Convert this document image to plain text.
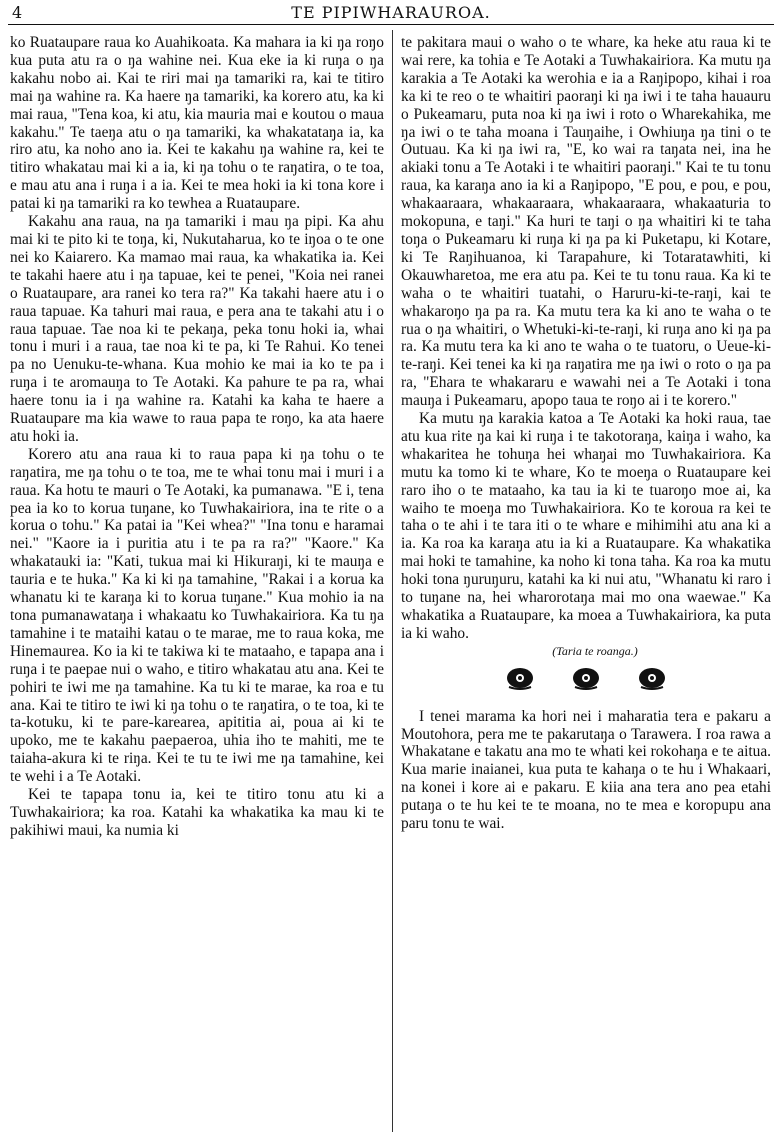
4	TE PIPIWHARAUROA.

ko Ruataupare raua ko Auahikoata. Ka mahara ia ki ŋa roŋo kua puta atu ra o ŋa wahine nei. Kua eke ia ki ruŋa o ŋa kakahu nobo ai. Kai te riri mai ŋa tamariki ra, kai te titiro mai ŋa wahine ra. Ka haere ŋa tamariki, ka korero atu, ka ki mai raua, "Tena koa, ki atu, kia mauria mai e koutou o maua kakahu." Te taeŋa atu o ŋa tamariki, ka whakatataŋa ia, ka riro atu, ka noho ano ia. Kei te kakahu ŋa wahine ra, kei te titiro whakatau mai ki a ia, ki ŋa tohu o te raŋatira, o te toa, e mau atu ana i ruŋa i a ia. Kei te mea hoki ia ki tona kore i patai ki ŋa tamariki ra ko tewhea a Ruataupare.

Kakahu ana raua, na ŋa tamariki i mau ŋa pipi. Ka ahu mai ki te pito ki te toŋa, ki, Nukutaharua, ko te iŋoa o te one nei ko Kaiarero. Ka mamao mai raua, ka whakatika ia. Kei te takahi haere atu i ŋa tapuae, kei te penei, "Koia nei ranei o Ruataupare, ara ranei ko tera ra?" Ka takahi haere atu i o raua tapuae. Ka tahuri mai raua, e pera ana te takahi atu i o raua tapuae. Tae noa ki te pekaŋa, peka tonu hoki ia, whai tonu i muri i a raua, tae noa ki te pa, ki Te Rahui. Ko tenei pa no Uenuku-te-whana. Kua mohio ke mai ia ko te pa i ruŋa i te aromauŋa to Te Aotaki. Ka pahure te pa ra, whai haere tonu ia i ŋa wahine ra. Katahi ka kaha te haere a Ruataupare ma kia wawe to raua papa te roŋo, ka ata haere atu hoki ia.

Korero atu ana raua ki to raua papa ki ŋa tohu o te raŋatira, me ŋa tohu o te toa, me te whai tonu mai i muri i a raua. Ka hotu te mauri o Te Aotaki, ka pumanawa. "E i, tena pea ia ko to korua tuŋane, ko Tuwhakairiora, ina te rite o a korua o tohu." Ka patai ia "Kei whea?" "Ina tonu e haramai nei." "Kaore ia i puritia atu i te pa ra ra?" "Kaore." Ka whakatauki ia: "Kati, tukua mai ki Hikuraŋi, ki te mauŋa e tauria e te huka." Ka ki ki ŋa tamahine, "Rakai i a korua ka whanatu ki te karaŋa ki to korua tuŋane." Kua mohio ia na tona pumanawataŋa i whakaatu ko Tuwhakairiora. Ka tu ŋa tamahine i te mataihi katau o te marae, me to raua koka, me Hinemaurea. Ko ia ki te takiwa ki te mataaho, e tapapa ana i ruŋa i te paepae nui o waho, e titiro whakatau atu ana. Kei te pohiri te iwi me ŋa tamahine. Ka tu ki te marae, ka roa e tu ana. Kai te titiro te iwi ki ŋa tohu o te raŋatira, o te toa, ki te ta-kotuku, ki te pare-karearea, apititia ai, poua ai ki te upoko, me te kakahu paepaeroa, uhia iho te mahiti, me te taiaha-akura ki te riŋa. Kei te tu te iwi me ŋa tamahine, kei te wehi i a Te Aotaki.

Kei te tapapa tonu ia, kei te titiro tonu atu ki a Tuwhakairiora; ka roa. Katahi ka whakatika ka mau ki te pakihiwi maui, ka numia ki

te pakitara maui o waho o te whare, ka heke atu raua ki te wai rere, ka tohia e Te Aotaki a Tuwhakairiora. Ka mutu ŋa karakia a Te Aotaki ka werohia e ia a Raŋipopo, kihai i roa ka ki te reo o te whaitiri paoraŋi ki ŋa iwi i te taha hauauru o Pukeamaru, puta noa ki ŋa iwi i roto o Wharekahika, me ŋa iwi o te taha moana i Tauŋaihe, i Owhiuŋa ŋa tini o te Outuau. Ka ki ŋa iwi ra, "E, ko wai ra taŋata nei, ina he akiaki tonu a Te Aotaki i te whaitiri paoraŋi." Kai te tu tonu raua, ka karaŋa ano ia ki a Raŋipopo, "E pou, e pou, e pou, whakaaraara, whakaaraara, whakaaraara, whakaaturia to mokopuna, e taŋi." Ka huri te taŋi o ŋa whaitiri ki te taha toŋa o Pukeamaru ki ruŋa ki ŋa pa ki Puketapu, ki Kotare, ki Te Raŋihuanoa, ki Tarapahure, ki Totaratawhiti, ki Okauwharetoa, me era atu pa. Kei te tu tonu raua. Ka ki te waha o te whaitiri tuatahi, o Haruru-ki-te-raŋi, kai te whakaroŋo ŋa pa ra. Ka mutu tera ka ki ano te waha o te rua o ŋa whaitiri, o Whetuki-ki-te-raŋi, ki ruŋa ano ki ŋa pa ra. Ka mutu tera ka ki ano te waha o te tuatoru, o Ueue-ki-te-raŋi. Kei tenei ka ki ŋa raŋatira me ŋa iwi o roto o ŋa pa ra, "Ehara te whakararu e wawahi nei a Te Aotaki i tona mauŋa i Pukeamaru, apopo taua te roŋo ai i te korero."

Ka mutu ŋa karakia katoa a Te Aotaki ka hoki raua, tae atu kua rite ŋa kai ki ruŋa i te takotoraŋa, kaiŋa i waho, ka whakaritea he tohuŋa hei whaŋai mo Tuwhakairiora. Ka mutu ka tomo ki te whare, Ko te moeŋa o Ruataupare kei raro iho o te mataaho, ka tau ia ki te tuaroŋo moe ai, ka waiho te moeŋa mo Tuwhakairiora. Ko te koroua ra kei te taha o te ahi i te tara iti o te whare e mihimihi atu ana ki a ia. Ka roa ka karaŋa atu ia ki a Ruataupare. Ka whakatika mai hoki te tamahine, ka noho ki tona taha. Ka roa ka mutu hoki tona ŋuruŋuru, katahi ka ki nui atu, "Whanatu ki raro i to tuŋane na, hei wharorotaŋa mai mo ona waewae." Ka whakatika a Ruataupare, ka moea a Tuwhakairiora, ka puta ia ki waho.

(Taria te roanga.)

I tenei marama ka hori nei i maharatia tera e pakaru a Moutohora, pera me te pakarutaŋa o Tarawera. I roa rawa a Whakatane e takatu ana mo te whati kei rokohaŋa e te aitua. Kua marie inaianei, kua puta te kahaŋa o te hu i Whakaari, na konei i kore ai e pakaru. E kiia ana tera ano pea etahi putaŋa o te hu kei te te moana, no te mea e koropupu ana paru tonu te wai.
